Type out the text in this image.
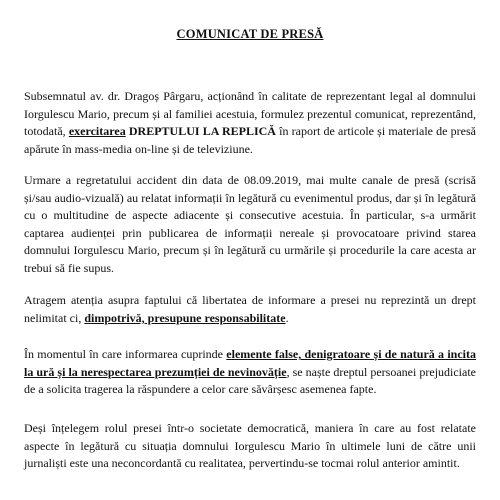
COMUNICAT DE PRESĂ

Subsemnatul av. dr. Dragoș Pârgaru, acționând în calitate de reprezentant legal al domnului Iorgulescu Mario, precum și al familiei acestuia, formulez prezentul comunicat, reprezentând, totodată, exercitarea DREPTULUI LA REPLICĂ în raport de articole și materiale de presă apărute în mass-media on-line și de televiziune.

Urmare a regretatului accident din data de 08.09.2019, mai multe canale de presă (scrisă și/sau audio-vizuală) au relatat informații în legătură cu evenimentul produs, dar și în legătură cu o multitudine de aspecte adiacente și consecutive acestuia. În particular, s-a urmărit captarea audienței prin publicarea de informații nereale și provocatoare privind starea domnului Iorgulescu Mario, precum și în legătură cu urmările și procedurile la care acesta ar trebui să fie supus.

Atragem atenția asupra faptului că libertatea de informare a presei nu reprezintă un drept nelimitat ci, dimpotrivă, presupune responsabilitate.

În momentul în care informarea cuprinde elemente false, denigratoare și de natură a incita la ură și la nerespectarea prezumției de nevinovăție, se naște dreptul persoanei prejudiciate de a solicita tragerea la răspundere a celor care săvârșesc asemenea fapte.

Deși înțelegem rolul presei într-o societate democratică, maniera în care au fost relatate aspecte în legătură cu situația domnului Iorgulescu Mario în ultimele luni de către unii jurnaliști este una neconcordantă cu realitatea, pervertindu-se tocmai rolul anterior amintit.
